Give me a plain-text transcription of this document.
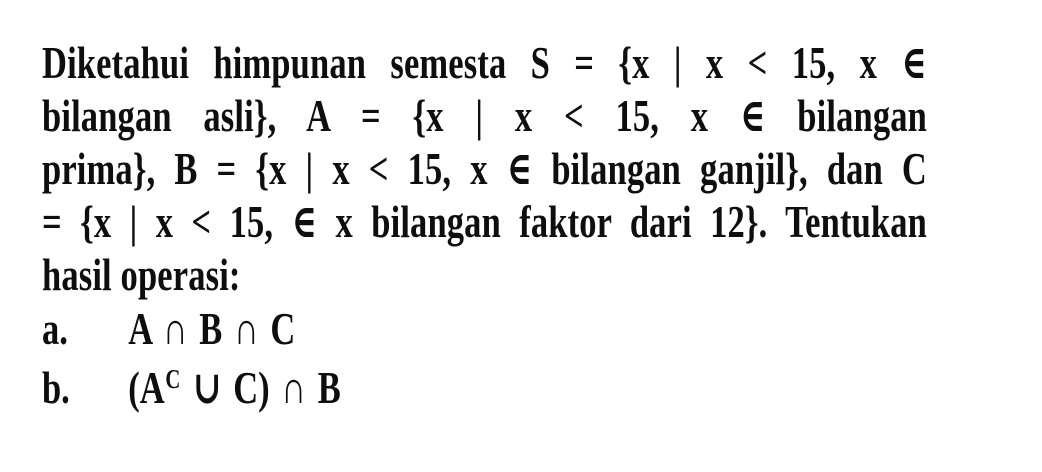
Diketahui himpunan semesta S = {x | x < 15, x ∈
bilangan asli}, A = {x | x < 15, x ∈ bilangan
prima}, B = {x | x < 15, x ∈ bilangan ganjil}, dan C
= {x | x < 15, ∈ x bilangan faktor dari 12}. Tentukan
hasil operasi:
a.	A ∩ B ∩ C
b.	($A^C$ ∪ C) ∩ B
